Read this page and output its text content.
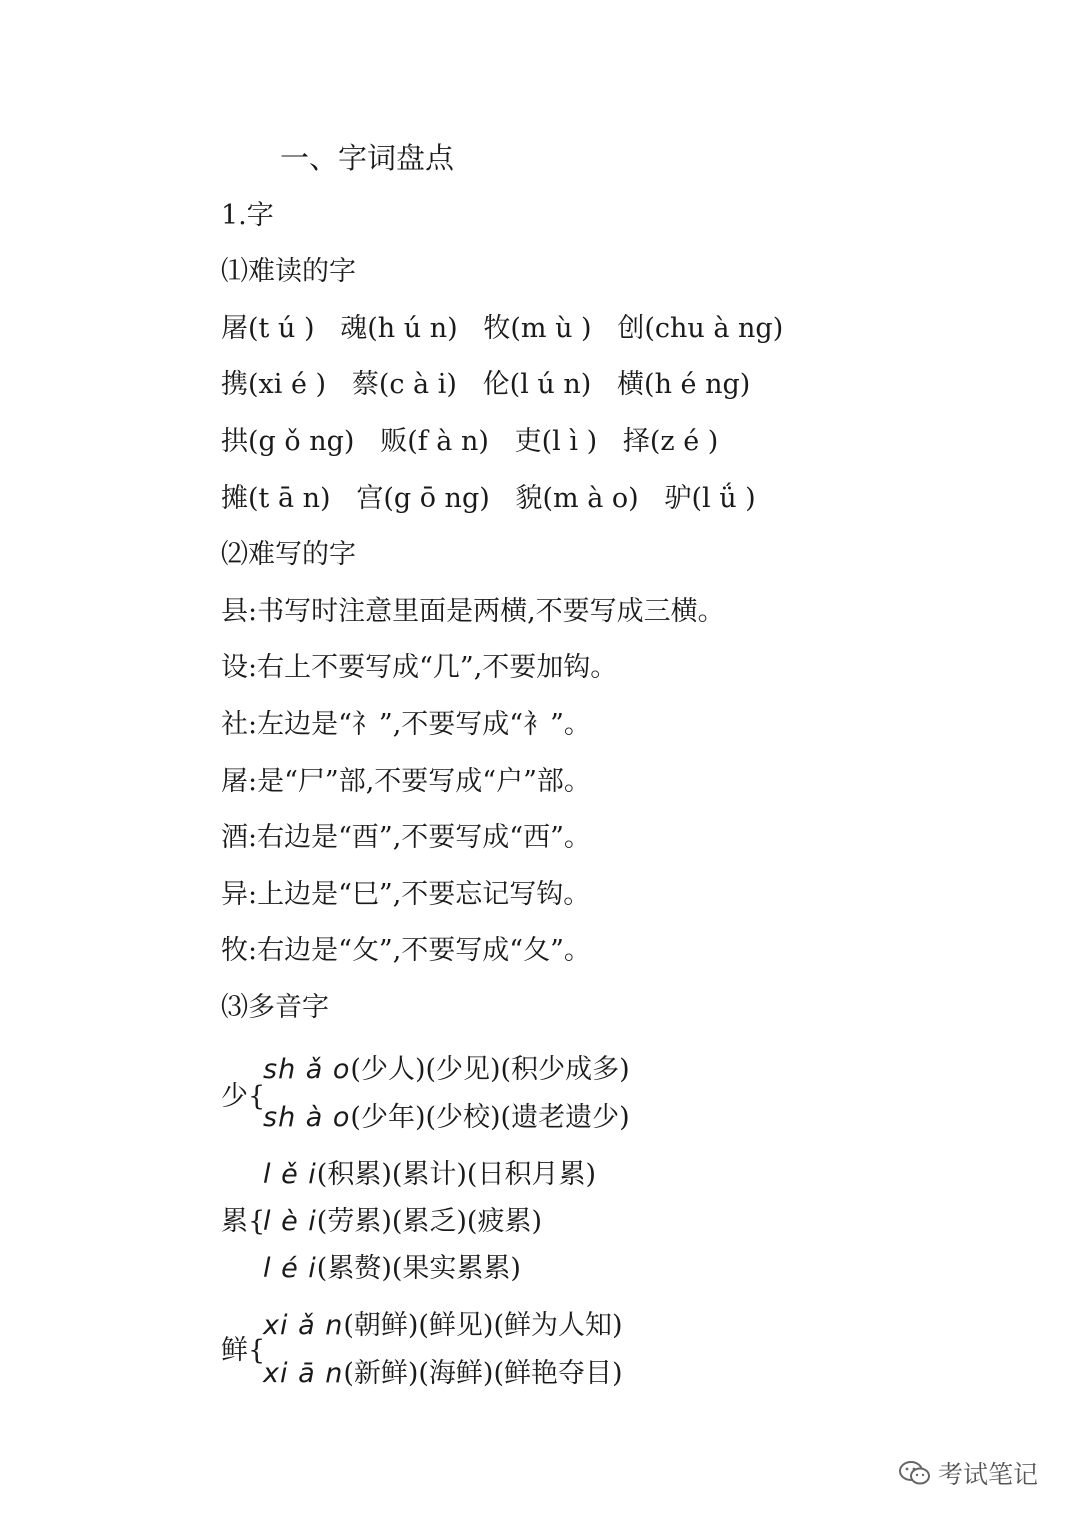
一、字词盘点
1.字
⑴难读的字
屠(t ú )   魂(h ú n)   牧(m ù )   创(chu à ng)
携(xi é )   蔡(c à i)   伦(l ú n)   横(h é ng)
拱(g ǒ ng)   贩(f à n)   吏(l ì )   择(z é )
摊(t ā n)   宫(g ō ng)   貌(m à o)   驴(l ǘ )
⑵难写的字
县:书写时注意里面是两横,不要写成三横。
设:右上不要写成“几”,不要加钩。
社:左边是“礻”,不要写成“衤”。
屠:是“尸”部,不要写成“户”部。
酒:右边是“酉”,不要写成“西”。
异:上边是“巳”,不要忘记写钩。
牧:右边是“攵”,不要写成“夂”。
⑶多音字
少{
sh ǎ o(少人)(少见)(积少成多)
sh à o(少年)(少校)(遗老遗少)
累{
l ě i(积累)(累计)(日积月累)
l è i(劳累)(累乏)(疲累)
l é i(累赘)(果实累累)
鲜{
xi ǎ n(朝鲜)(鲜见)(鲜为人知)
xi ā n(新鲜)(海鲜)(鲜艳夺目)
考试笔记
